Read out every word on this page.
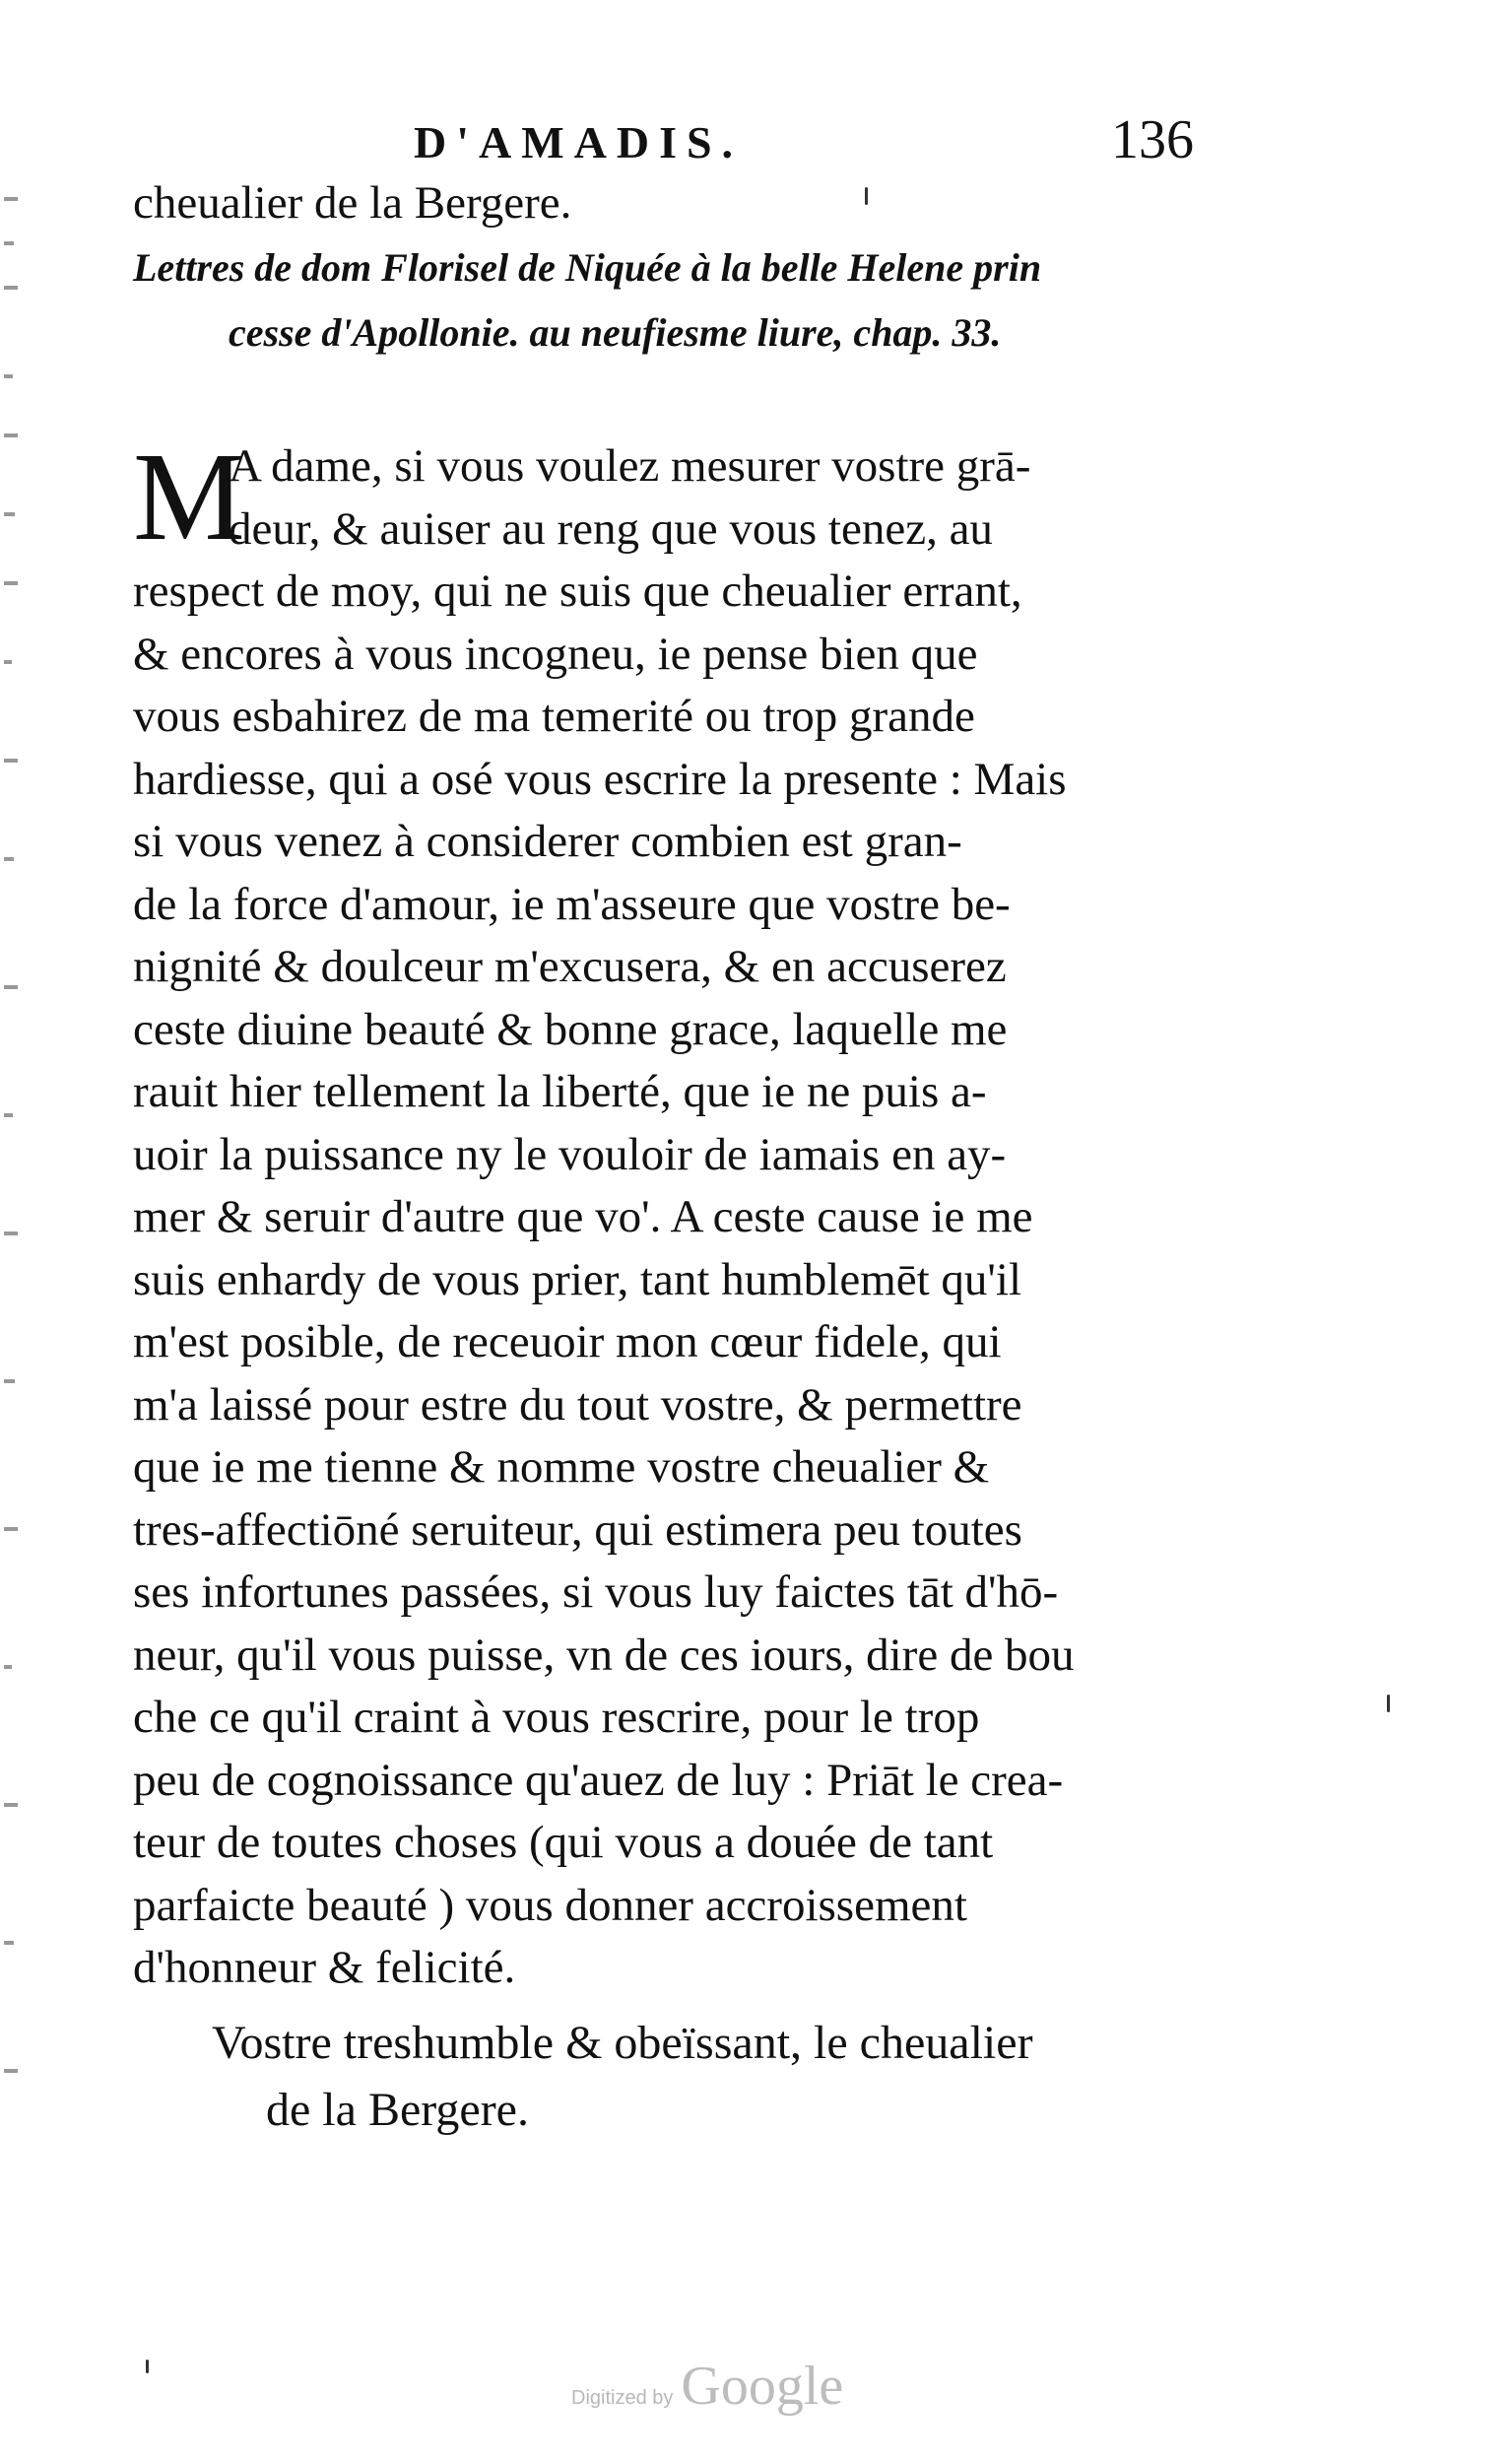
D'AMADIS.	136
cheualier de la Bergere.
Lettres de dom Florisel de Niquée à la belle Helene prin
cesse d'Apollonie. au neufiesme liure, chap. 33.
M
A dame, si vous voulez mesurer vostre grā-
deur, & auiser au reng que vous tenez, au
respect de moy, qui ne suis que cheualier errant,
& encores à vous incogneu, ie pense bien que
vous esbahirez de ma temerité ou trop grande
hardiesse, qui a osé vous escrire la presente : Mais
si vous venez à considerer combien est gran-
de la force d'amour, ie m'asseure que vostre be-
nignité & doulceur m'excusera, & en accuserez
ceste diuine beauté & bonne grace, laquelle me
rauit hier tellement la liberté, que ie ne puis a-
uoir la puissance ny le vouloir de iamais en ay-
mer & seruir d'autre que vo'. A ceste cause ie me
suis enhardy de vous prier, tant humblemēt qu'il
m'est posible, de receuoir mon cœur fidele, qui
m'a laissé pour estre du tout vostre, & permettre
que ie me tienne & nomme vostre cheualier &
tres-affectiōné seruiteur, qui estimera peu toutes
ses infortunes passées, si vous luy faictes tāt d'hō-
neur, qu'il vous puisse, vn de ces iours, dire de bou
che ce qu'il craint à vous rescrire, pour le trop
peu de cognoissance qu'auez de luy : Priāt le crea-
teur de toutes choses (qui vous a douée de tant
parfaicte beauté ) vous donner accroissement
d'honneur & felicité.
Vostre treshumble & obeïssant, le cheualier
de la Bergere.
Digitized by Google
